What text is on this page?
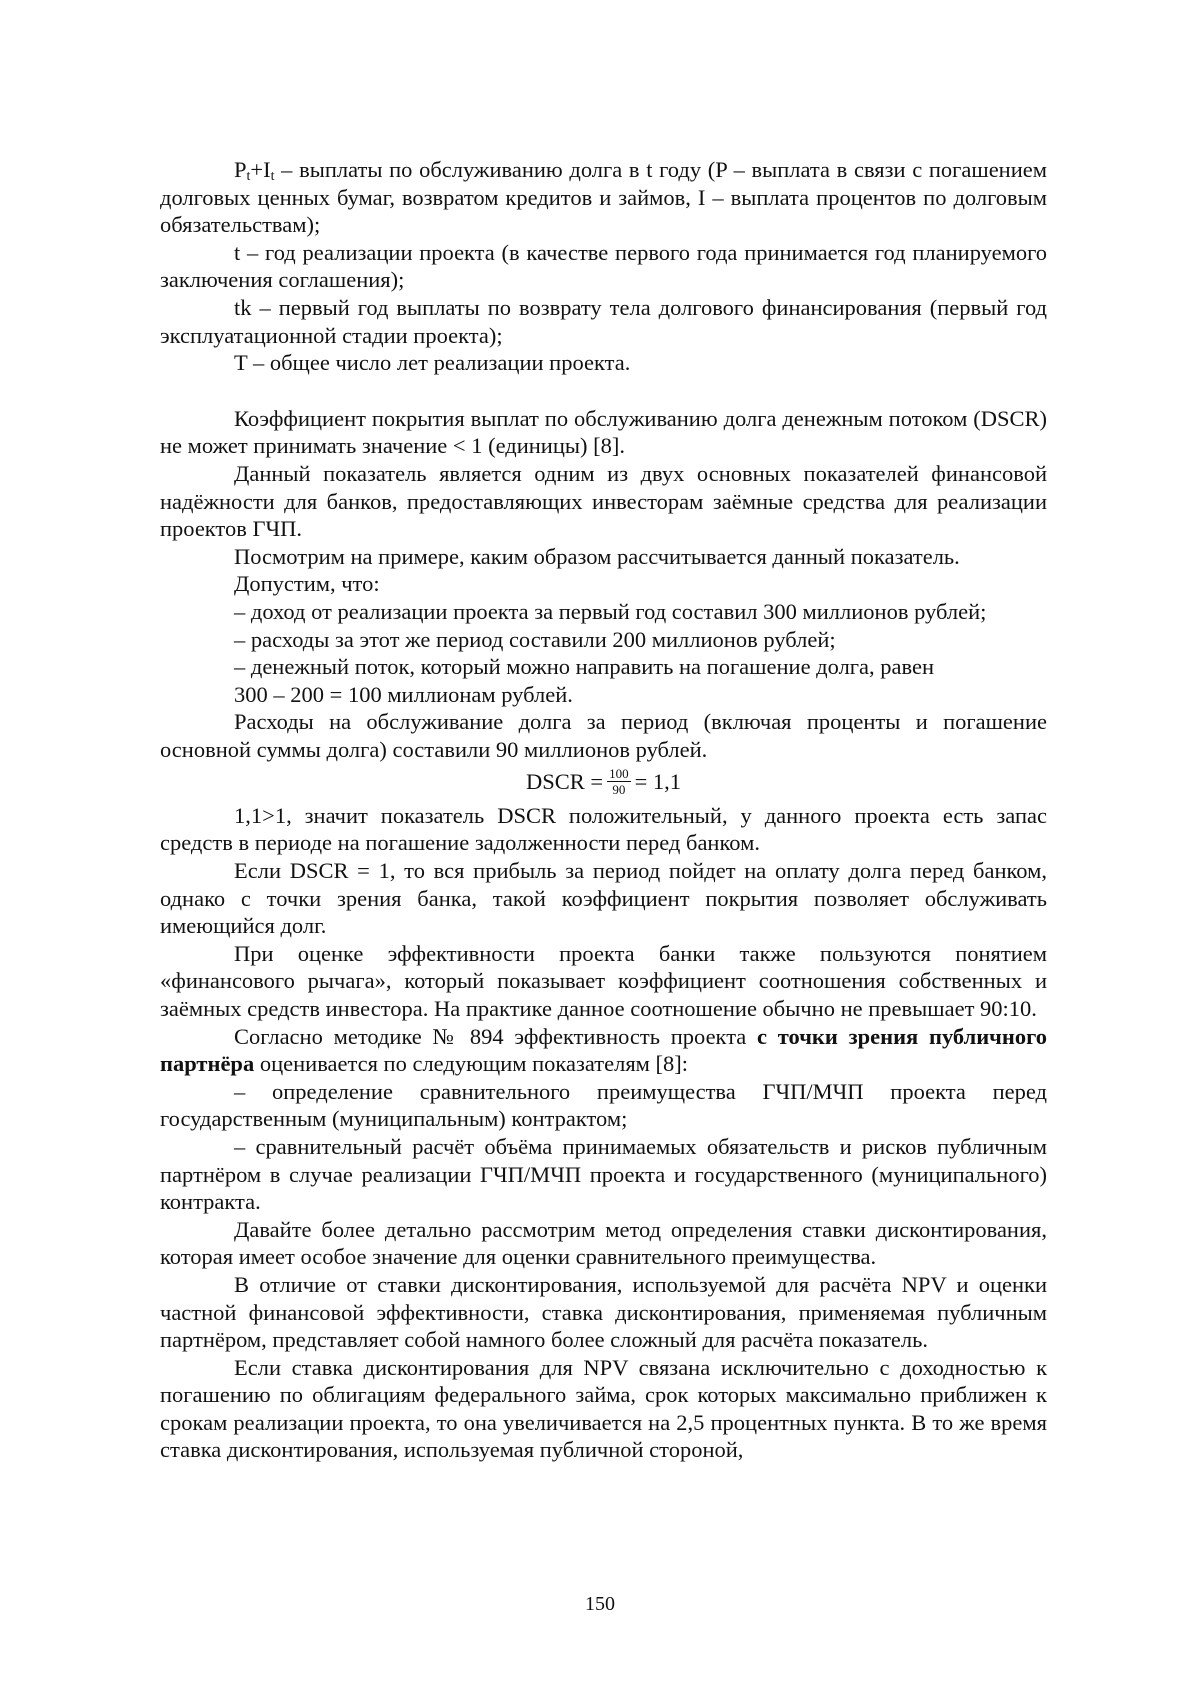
$P_t+I_t$ – выплаты по обслуживанию долга в t году (P – выплата в связи с погашением долговых ценных бумаг, возвратом кредитов и займов, I – выплата процентов по долговым обязательствам);

t – год реализации проекта (в качестве первого года принимается год планируемого заключения соглашения);

tk – первый год выплаты по возврату тела долгового финансирования (первый год эксплуатационной стадии проекта);

T – общее число лет реализации проекта.

Коэффициент покрытия выплат по обслуживанию долга денежным потоком (DSCR) не может принимать значение < 1 (единицы) [8].

Данный показатель является одним из двух основных показателей финансовой надёжности для банков, предоставляющих инвесторам заёмные средства для реализации проектов ГЧП.

Посмотрим на примере, каким образом рассчитывается данный показатель.

Допустим, что:

– доход от реализации проекта за первый год составил 300 миллионов рублей;

– расходы за этот же период составили 200 миллионов рублей;

– денежный поток, который можно направить на погашение долга, равен

300 – 200 = 100 миллионам рублей.

Расходы на обслуживание долга за период (включая проценты и погашение основной суммы долга) составили 90 миллионов рублей.

DSCR = $\frac{100}{90} = 1,1$

1,1>1, значит показатель DSCR положительный, у данного проекта есть запас средств в периоде на погашение задолженности перед банком.

Если DSCR = 1, то вся прибыль за период пойдет на оплату долга перед банком, однако с точки зрения банка, такой коэффициент покрытия позволяет обслуживать имеющийся долг.

При оценке эффективности проекта банки также пользуются понятием «финансового рычага», который показывает коэффициент соотношения собственных и заёмных средств инвестора. На практике данное соотношение обычно не превышает 90:10.

Согласно методике № 894 эффективность проекта с точки зрения публичного партнёра оценивается по следующим показателям [8]:

– определение сравнительного преимущества ГЧП/МЧП проекта перед государственным (муниципальным) контрактом;

– сравнительный расчёт объёма принимаемых обязательств и рисков публичным партнёром в случае реализации ГЧП/МЧП проекта и государственного (муниципального) контракта.

Давайте более детально рассмотрим метод определения ставки дисконтирования, которая имеет особое значение для оценки сравнительного преимущества.

В отличие от ставки дисконтирования, используемой для расчёта NPV и оценки частной финансовой эффективности, ставка дисконтирования, применяемая публичным партнёром, представляет собой намного более сложный для расчёта показатель.

Если ставка дисконтирования для NPV связана исключительно с доходностью к погашению по облигациям федерального займа, срок которых максимально приближен к срокам реализации проекта, то она увеличивается на 2,5 процентных пункта. В то же время ставка дисконтирования, используемая публичной стороной,

150
